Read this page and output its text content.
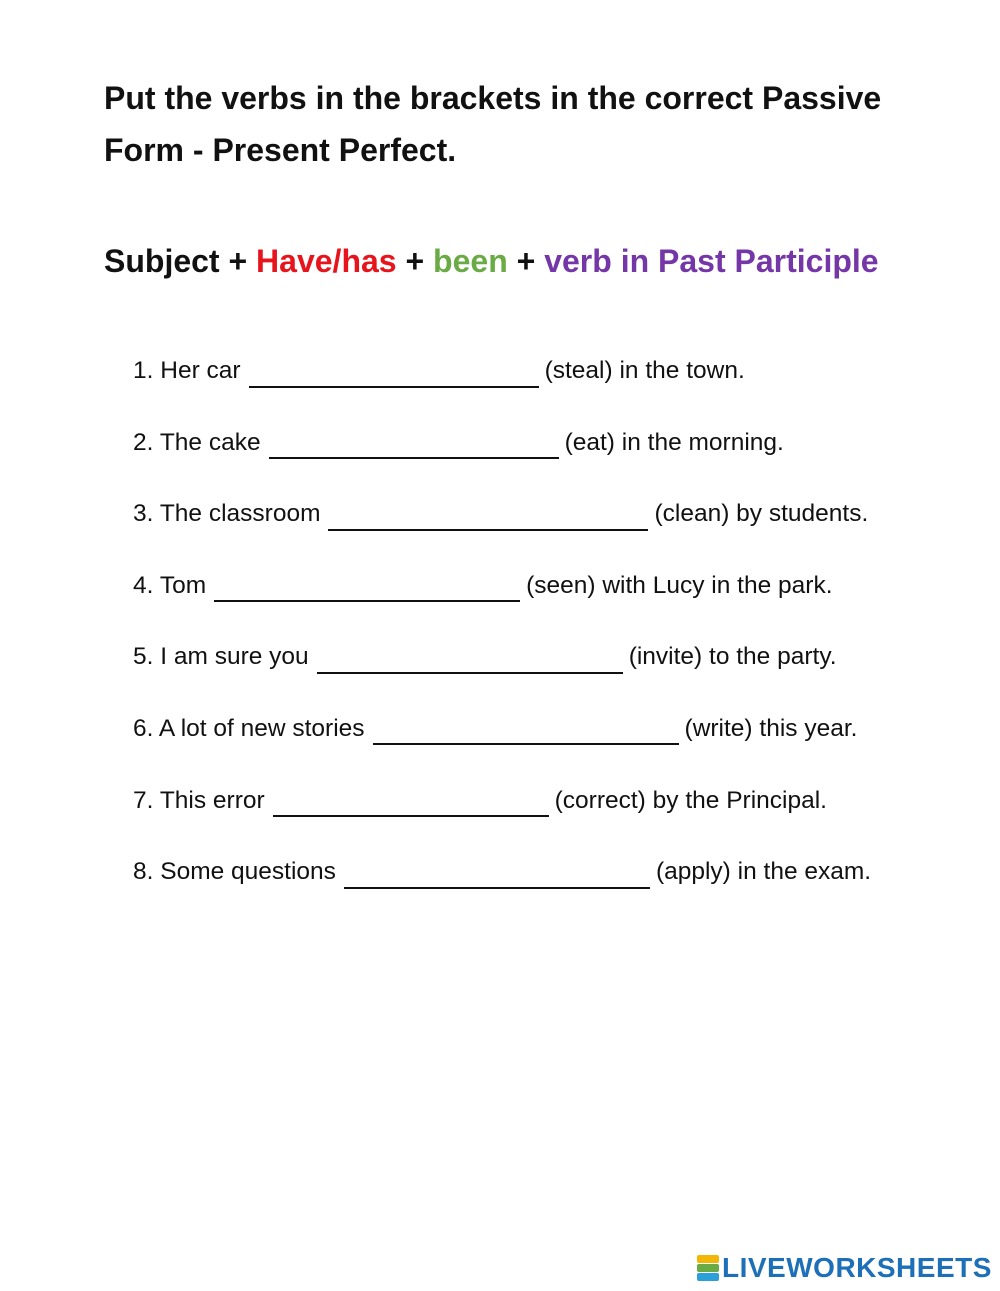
Put the verbs in the brackets in the correct Passive Form - Present Perfect.

Subject + Have/has + been + verb in Past Participle

1. Her car	(steal) in the town.
2. The cake	(eat) in the morning.
3. The classroom	(clean) by students.
4. Tom	(seen) with Lucy in the park.
5. I am sure you	(invite) to the party.
6. A lot of new stories	(write) this year.
7. This error	(correct) by the Principal.
8. Some questions	(apply) in the exam.
LIVEWORKSHEETS
